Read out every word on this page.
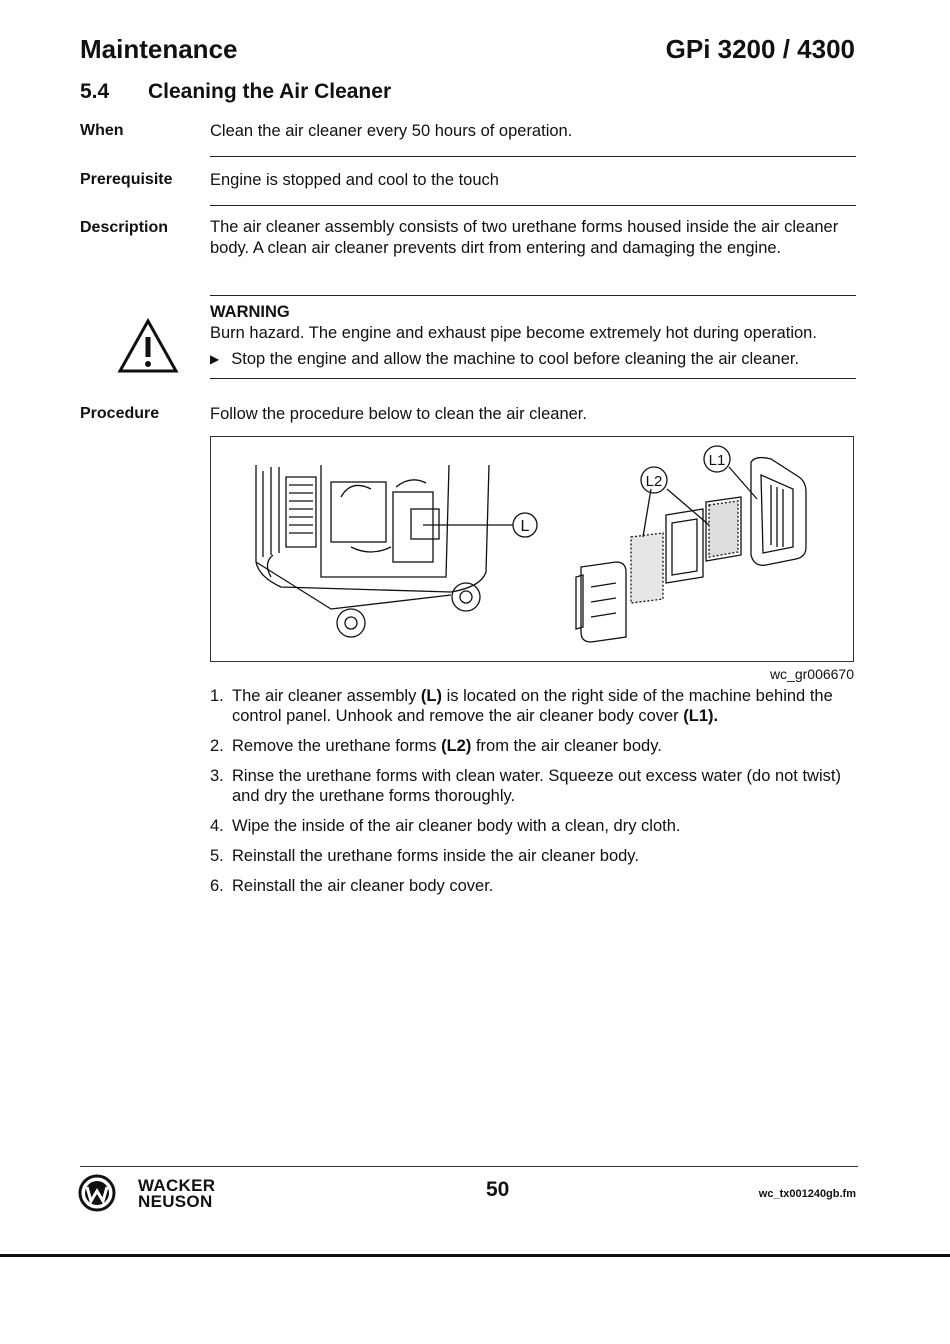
Maintenance	GPi 3200 / 4300
5.4 Cleaning the Air Cleaner
When	Clean the air cleaner every 50 hours of operation.
Prerequisite Engine is stopped and cool to the touch
Description	The air cleaner assembly consists of two urethane forms housed inside the air cleaner body. A clean air cleaner prevents dirt from entering and damaging the engine.
WARNING
Burn hazard. The engine and exhaust pipe become extremely hot during operation.
▶ Stop the engine and allow the machine to cool before cleaning the air cleaner.
Procedure	Follow the procedure below to clean the air cleaner.
L
L1
L2
wc_gr006670
1. The air cleaner assembly (L) is located on the right side of the machine behind the control panel. Unhook and remove the air cleaner body cover (L1).
2. Remove the urethane forms (L2) from the air cleaner body.
3. Rinse the urethane forms with clean water. Squeeze out excess water (do not twist) and dry the urethane forms thoroughly.
4. Wipe the inside of the air cleaner body with a clean, dry cloth.
5. Reinstall the urethane forms inside the air cleaner body.
6. Reinstall the air cleaner body cover.
WACKER
NEUSON
50	wc_tx001240gb.fm
